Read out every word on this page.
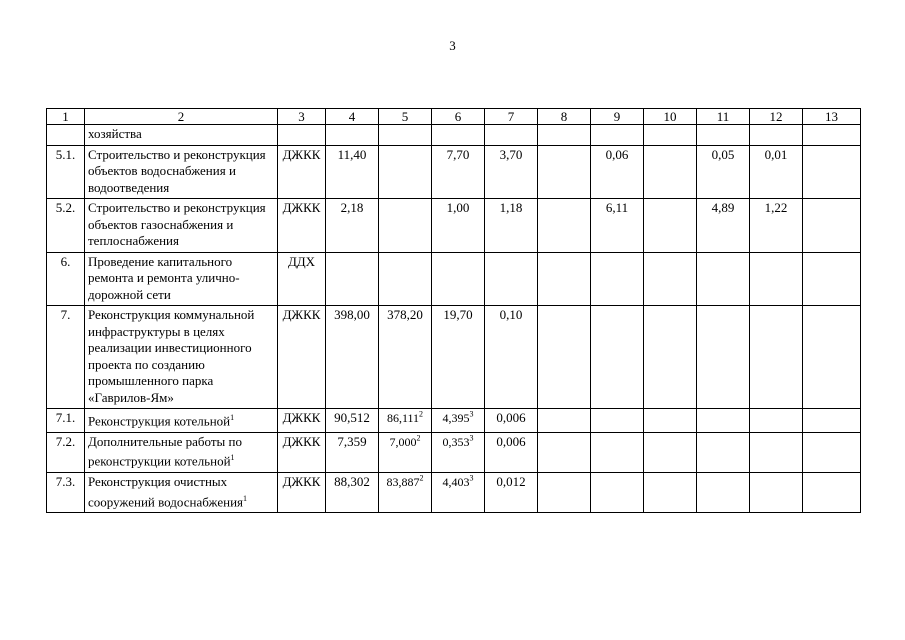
3
1	2	3	4	5	6	7	8	9	10	11	12	13
	хозяйства											
5.1.	Строительство и реконструкция объектов водоснабжения и водоотведения	ДЖКК	11,40		7,70	3,70		0,06		0,05	0,01	
5.2.	Строительство и реконструкция объектов газоснабжения и теплоснабжения	ДЖКК	2,18		1,00	1,18		6,11		4,89	1,22	
6.	Проведение капитального ремонта и ремонта улично-дорожной сети	ДДХ										
7.	Реконструкция коммунальной инфраструктуры в целях реализации инвестиционного проекта по созданию промышленного парка «Гаврилов-Ям»	ДЖКК	398,00	378,20	19,70	0,10						
7.1.	Реконструкция котельной$^1$	ДЖКК	90,512	86,111$^2$	4,395$^3$	0,006						
7.2.	Дополнительные работы по реконструкции котельной$^1$	ДЖКК	7,359	7,000$^2$	0,353$^3$	0,006						
7.3.	Реконструкция очистных сооружений водоснабжения$^1$	ДЖКК	88,302	83,887$^2$	4,403$^3$	0,012						
